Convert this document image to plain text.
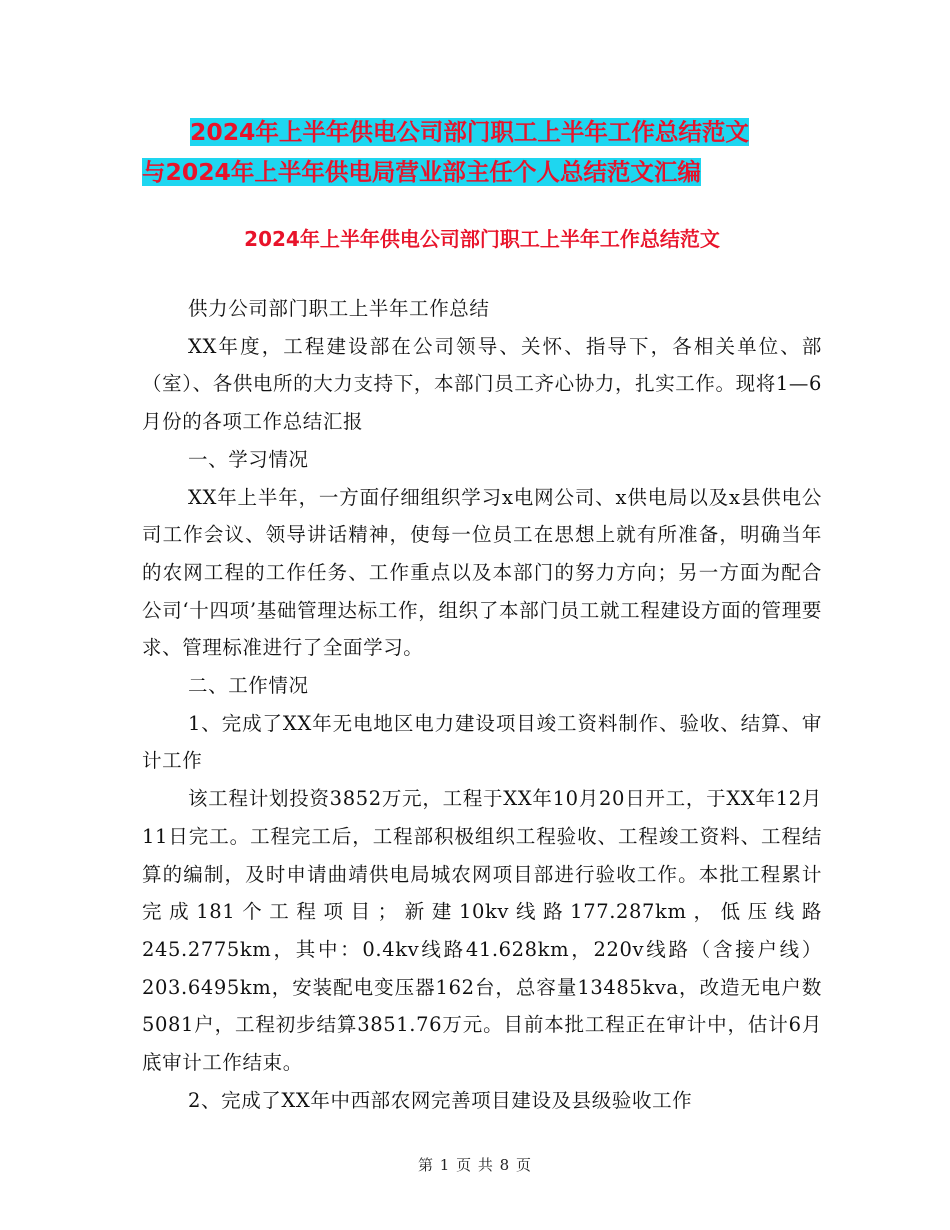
2024年上半年供电公司部门职工上半年工作总结范文
与2024年上半年供电局营业部主任个人总结范文汇编
2024年上半年供电公司部门职工上半年工作总结范文

供力公司部门职工上半年工作总结

XX年度，工程建设部在公司领导、关怀、指导下，各相关单位、部（室）、各供电所的大力支持下，本部门员工齐心协力，扎实工作。现将1—6月份的各项工作总结汇报

一、学习情况

XX年上半年，一方面仔细组织学习x电网公司、x供电局以及x县供电公司工作会议、领导讲话精神，使每一位员工在思想上就有所准备，明确当年的农网工程的工作任务、工作重点以及本部门的努力方向；另一方面为配合公司‘十四项’基础管理达标工作，组织了本部门员工就工程建设方面的管理要求、管理标准进行了全面学习。

二、工作情况

1、完成了XX年无电地区电力建设项目竣工资料制作、验收、结算、审计工作

该工程计划投资3852万元，工程于XX年10月20日开工，于XX年12月11日完工。工程完工后，工程部积极组织工程验收、工程竣工资料、工程结算的编制，及时申请曲靖供电局城农网项目部进行验收工作。本批工程累计完成181个工程项目；新建10kv线路177.287km，低压线路245.2775km，其中：0.4kv线路41.628km，220v线路（含接户线）203.6495km，安装配电变压器162台，总容量13485kva，改造无电户数5081户，工程初步结算3851.76万元。目前本批工程正在审计中，估计6月底审计工作结束。

2、完成了XX年中西部农网完善项目建设及县级验收工作

第 1 页 共 8 页
